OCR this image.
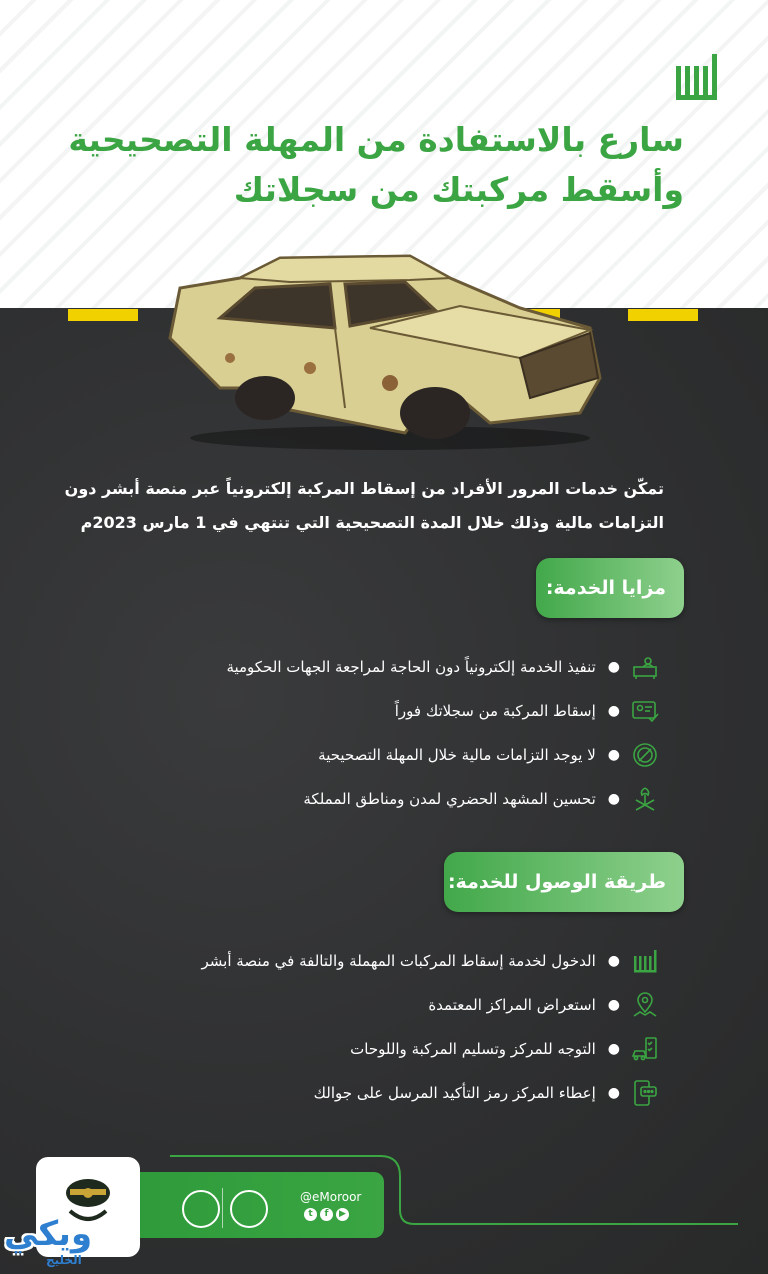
سارع بالاستفادة من المهلة التصحيحية
وأسقط مركبتك من سجلاتك
تمكّن خدمات المرور الأفراد من إسقاط المركبة إلكترونياً عبر منصة أبشر دون
التزامات مالية وذلك خلال المدة التصحيحية التي تنتهي في 1 مارس 2023م
مزايا الخدمة:
●
تنفيذ الخدمة إلكترونياً دون الحاجة لمراجعة الجهات الحكومية
●
إسقاط المركبة من سجلاتك فوراً
●
لا يوجد التزامات مالية خلال المهلة التصحيحية
●
تحسين المشهد الحضري لمدن ومناطق المملكة
طريقة الوصول للخدمة:
●
الدخول لخدمة إسقاط المركبات المهملة والتالفة في منصة أبشر
●
استعراض المراكز المعتمدة
●
التوجه للمركز وتسليم المركبة واللوحات
●
إعطاء المركز رمز التأكيد المرسل على جوالك
@eMoroor
t	f	▶
ويكي
الخليج
